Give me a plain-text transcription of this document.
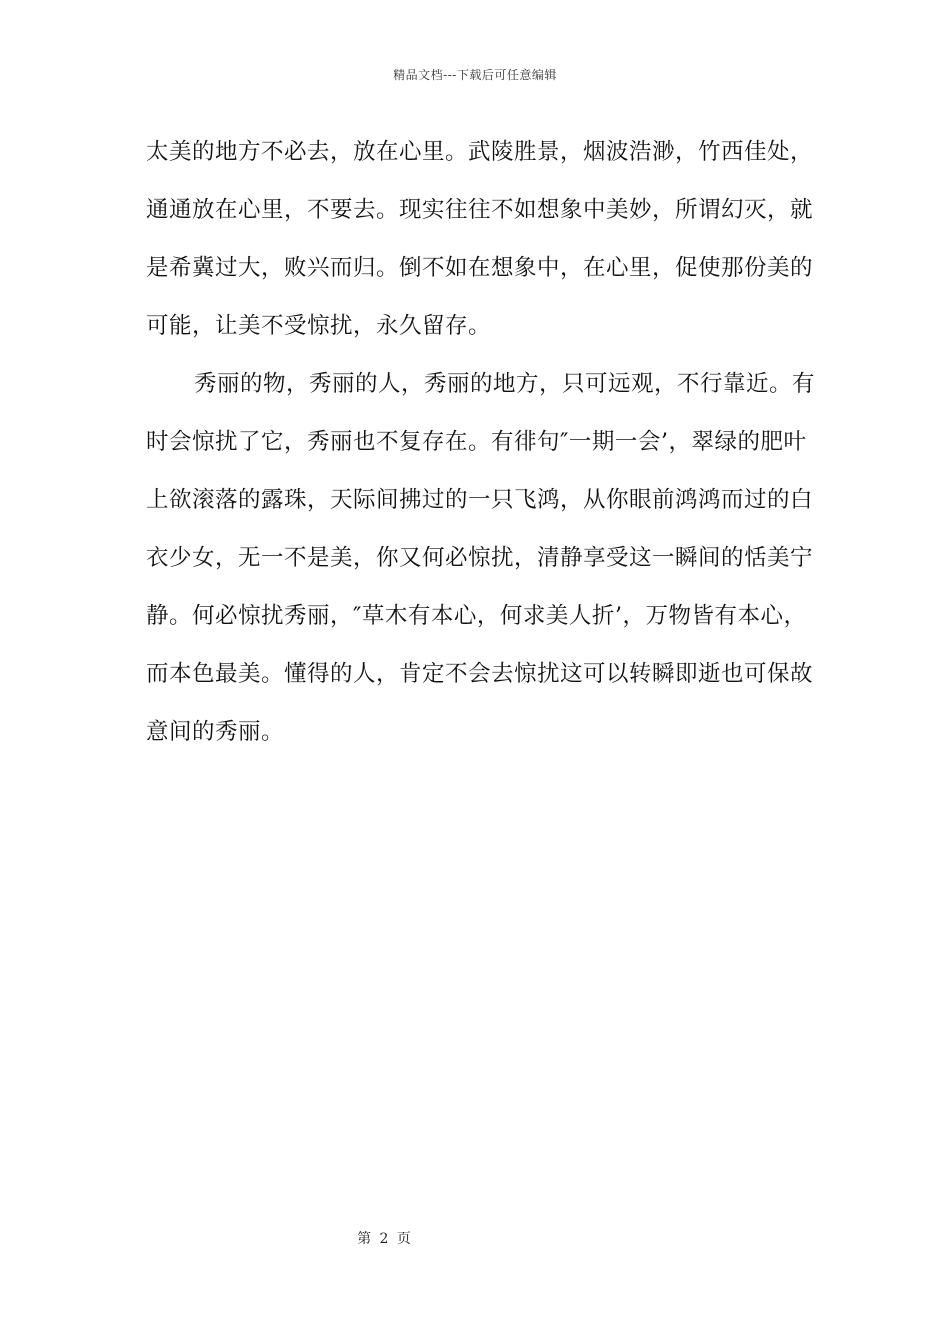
精品文档---下载后可任意编辑
太美的地方不必去，放在心里。武陵胜景，烟波浩渺，竹西佳处，
通通放在心里，不要去。现实往往不如想象中美妙，所谓幻灭，就
是希冀过大，败兴而归。倒不如在想象中，在心里，促使那份美的
可能，让美不受惊扰，永久留存。
秀丽的物，秀丽的人，秀丽的地方，只可远观，不行靠近。有
时会惊扰了它，秀丽也不复存在。有徘句″一期一会’，翠绿的肥叶
上欲滚落的露珠，天际间拂过的一只飞鸿，从你眼前鸿鸿而过的白
衣少女，无一不是美，你又何必惊扰，清静享受这一瞬间的恬美宁
静。何必惊扰秀丽，″草木有本心，何求美人折’，万物皆有本心，
而本色最美。懂得的人，肯定不会去惊扰这可以转瞬即逝也可保故
意间的秀丽。
第 2 页
